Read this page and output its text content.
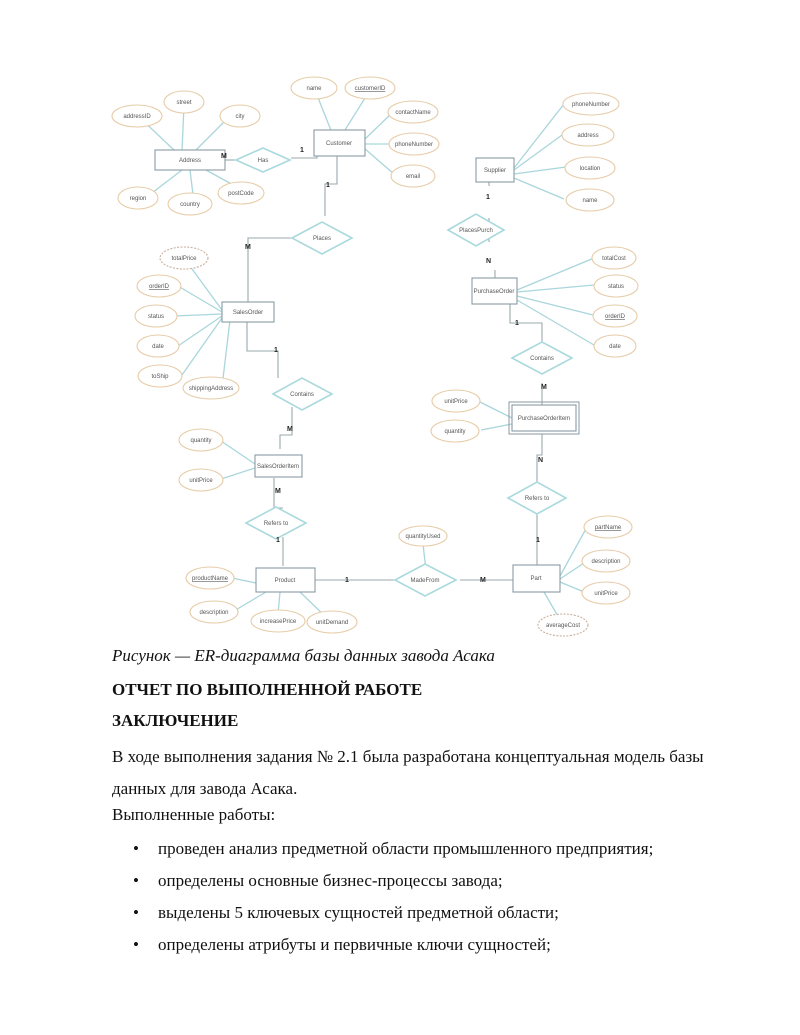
Address
Customer
Supplier
SalesOrder
PurchaseOrder
SalesOrderItem
PurchaseOrderItem
Product	Part
Has
Places
PlacesPurch
Contains
Contains
Refers to
Refers to
MadeFrom
addressID
street
city
region
country
postCode
name	customerID
contactName
phoneNumber
email
phoneNumber
address
location
name
totalPrice
orderID
status
date
toShip
shippingAddress
totalCost
status
orderID
date
quantity
unitPrice
unitPrice
quantity
productName
description
increasePrice	unitDemand
quantityUsed
partName
description
unitPrice
averageCost
M
1
1
M
1
M
1
M
M
1
N
1
1	M
N
1
Рисунок — ER-диаграмма базы данных завода Асака
ОТЧЕТ ПО ВЫПОЛНЕННОЙ РАБОТЕ
ЗАКЛЮЧЕНИЕ
В ходе выполнения задания № 2.1 была разработана концептуальная модель базы данных для завода Асака.
Выполненные работы:
• проведен анализ предметной области промышленного предприятия;
• определены основные бизнес-процессы завода;
• выделены 5 ключевых сущностей предметной области;
• определены атрибуты и первичные ключи сущностей;
